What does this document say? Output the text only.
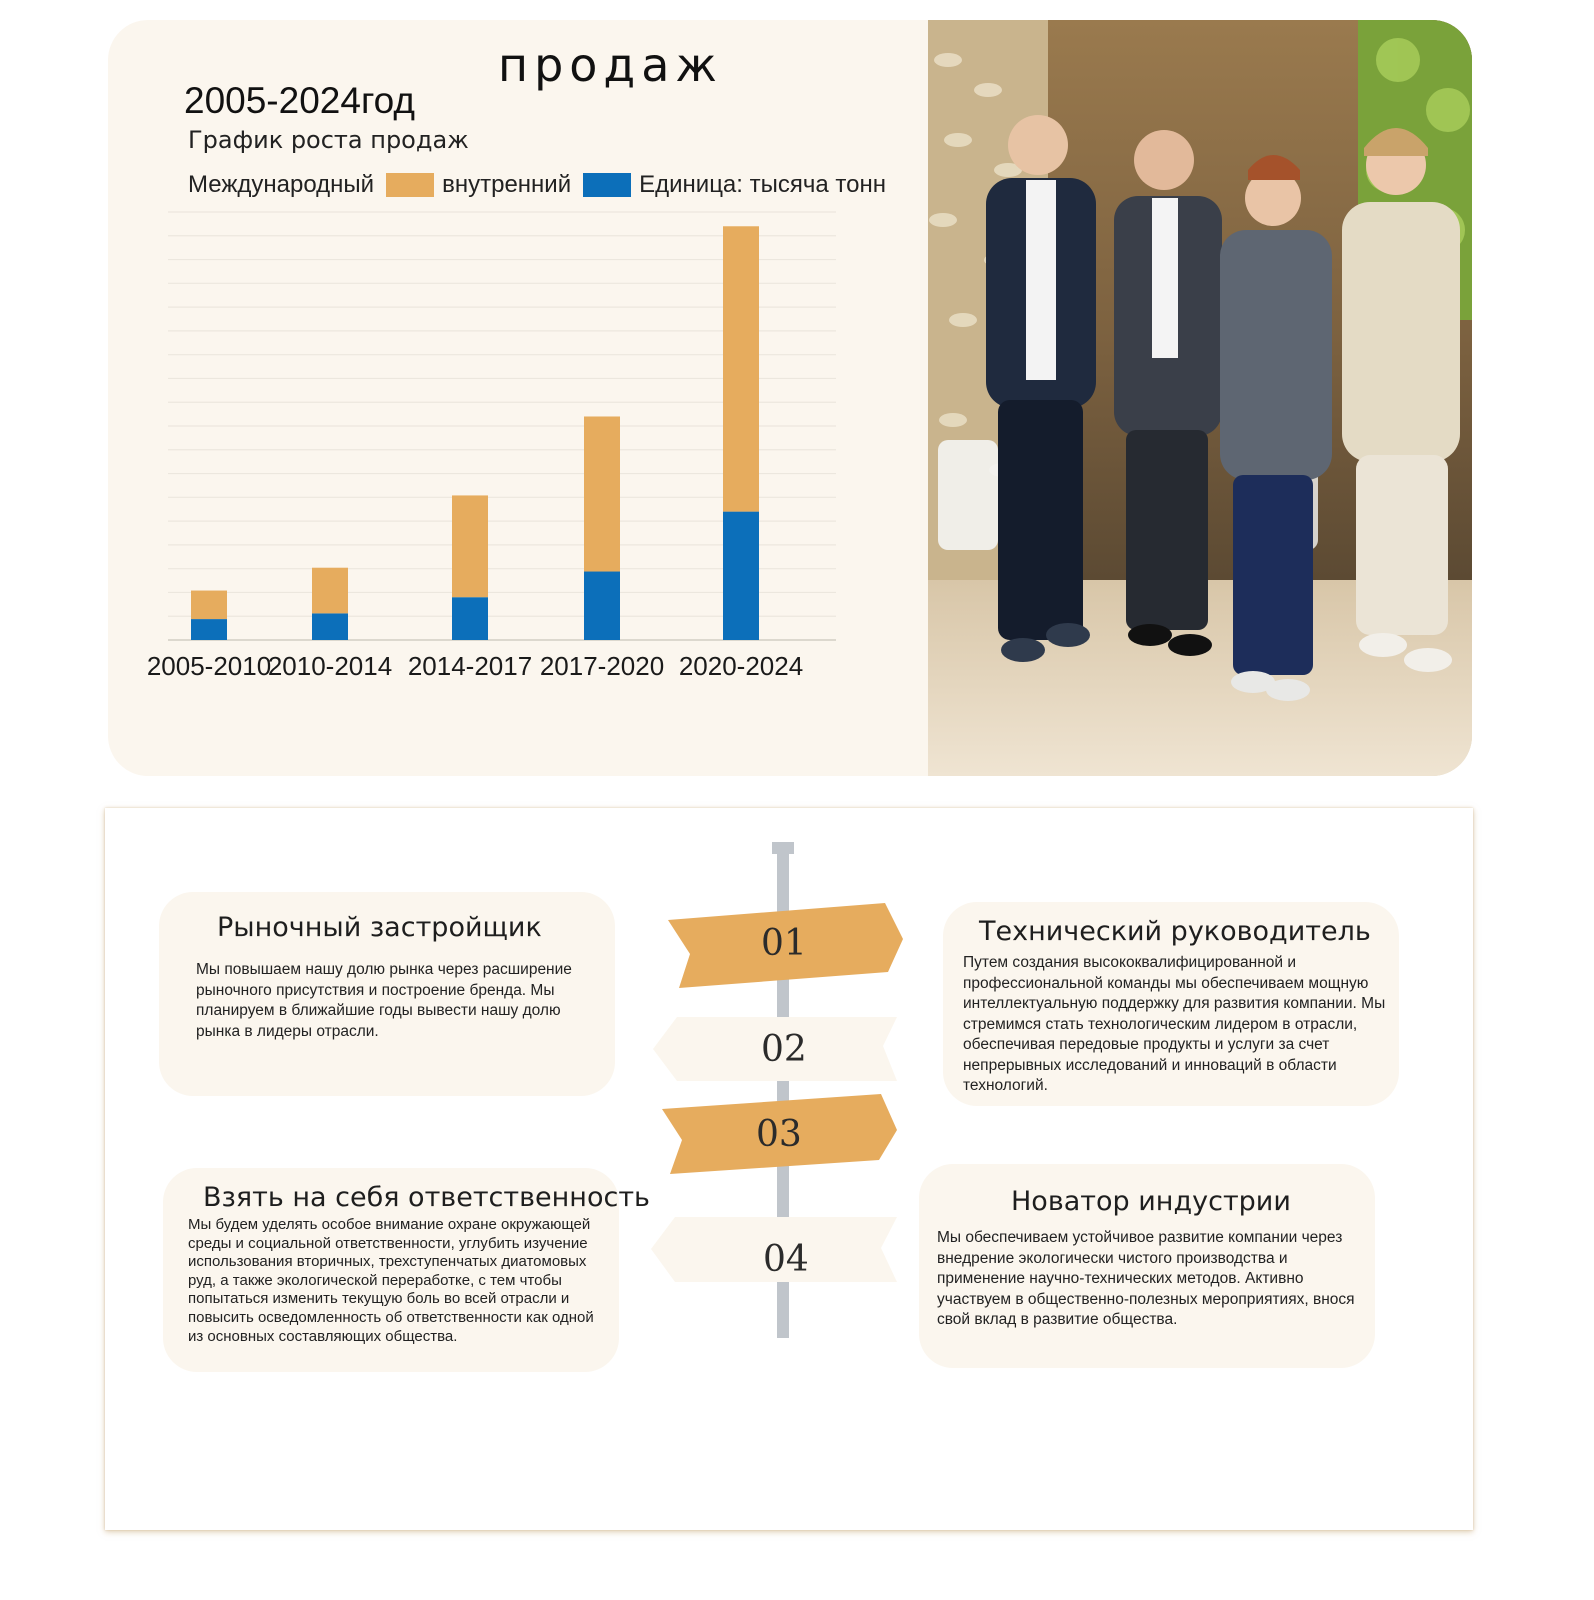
2005-2010
2010-2014 2014-2017 2017-2020 2020-2024
продаж
2005-2024год
График роста продаж
Международный	внутренний	Единица: тысяча тонн
01
02
03
04
Рыночный застройщик
Мы повышаем нашу долю рынка через расширение рыночного присутствия и построение бренда. Мы планируем в ближайшие годы вывести нашу долю рынка в лидеры отрасли.
Технический руководитель
Путем создания высококвалифицированной и профессиональной команды мы обеспечиваем мощную интеллектуальную поддержку для развития компании. Мы стремимся стать технологическим лидером в отрасли, обеспечивая передовые продукты и услуги за счет непрерывных исследований и инноваций в области технологий.
Взять на себя ответственность
Мы будем уделять особое внимание охране окружающей среды и социальной ответственности, углубить изучение использования вторичных, трехступенчатых диатомовых руд, а также экологической переработке, с тем чтобы попытаться изменить текущую боль во всей отрасли и повысить осведомленность об ответственности как одной из основных составляющих общества.
Новатор индустрии
Мы обеспечиваем устойчивое развитие компании через внедрение экологически чистого производства и применение научно-технических методов. Активно участвуем в общественно-полезных мероприятиях, внося свой вклад в развитие общества.
